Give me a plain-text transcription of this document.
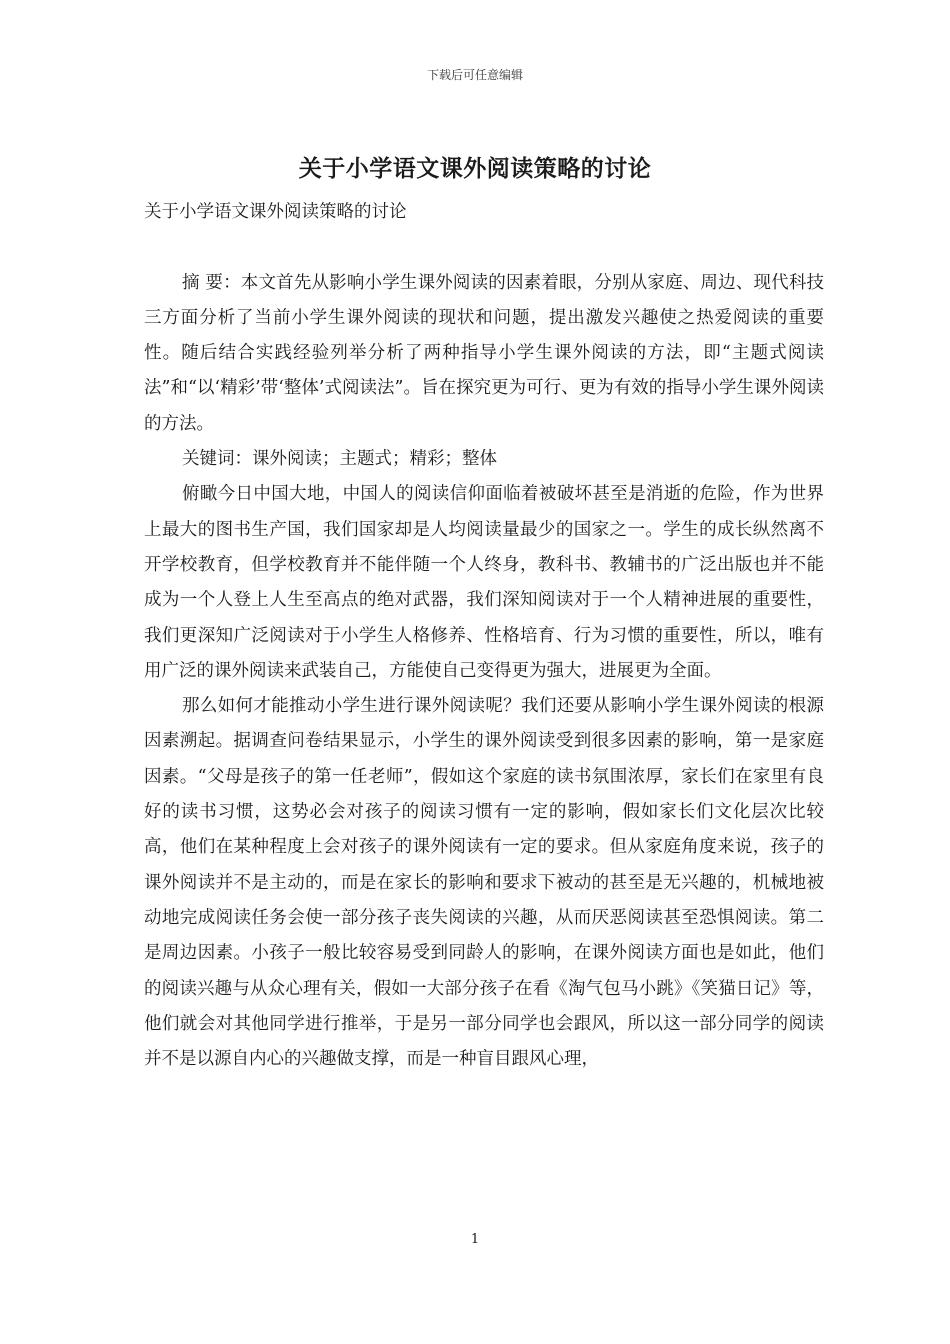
下载后可任意编辑
关于小学语文课外阅读策略的讨论

关于小学语文课外阅读策略的讨论

摘 要：本文首先从影响小学生课外阅读的因素着眼，分别从家庭、周边、现代科技三方面分析了当前小学生课外阅读的现状和问题，提出激发兴趣使之热爱阅读的重要性。随后结合实践经验列举分析了两种指导小学生课外阅读的方法，即“主题式阅读法”和“以‘精彩’带‘整体’式阅读法”。旨在探究更为可行、更为有效的指导小学生课外阅读的方法。

关键词：课外阅读；主题式；精彩；整体

俯瞰今日中国大地，中国人的阅读信仰面临着被破坏甚至是消逝的危险，作为世界上最大的图书生产国，我们国家却是人均阅读量最少的国家之一。学生的成长纵然离不开学校教育，但学校教育并不能伴随一个人终身，教科书、教辅书的广泛出版也并不能成为一个人登上人生至高点的绝对武器，我们深知阅读对于一个人精神进展的重要性，我们更深知广泛阅读对于小学生人格修养、性格培育、行为习惯的重要性，所以，唯有用广泛的课外阅读来武装自己，方能使自己变得更为强大，进展更为全面。

那么如何才能推动小学生进行课外阅读呢？我们还要从影响小学生课外阅读的根源因素溯起。据调查问卷结果显示，小学生的课外阅读受到很多因素的影响，第一是家庭因素。“父母是孩子的第一任老师”，假如这个家庭的读书氛围浓厚，家长们在家里有良好的读书习惯，这势必会对孩子的阅读习惯有一定的影响，假如家长们文化层次比较高，他们在某种程度上会对孩子的课外阅读有一定的要求。但从家庭角度来说，孩子的课外阅读并不是主动的，而是在家长的影响和要求下被动的甚至是无兴趣的，机械地被动地完成阅读任务会使一部分孩子丧失阅读的兴趣，从而厌恶阅读甚至恐惧阅读。第二是周边因素。小孩子一般比较容易受到同龄人的影响，在课外阅读方面也是如此，他们的阅读兴趣与从众心理有关，假如一大部分孩子在看《淘气包马小跳》《笑猫日记》等，他们就会对其他同学进行推举，于是另一部分同学也会跟风，所以这一部分同学的阅读并不是以源自内心的兴趣做支撑，而是一种盲目跟风心理，

1
